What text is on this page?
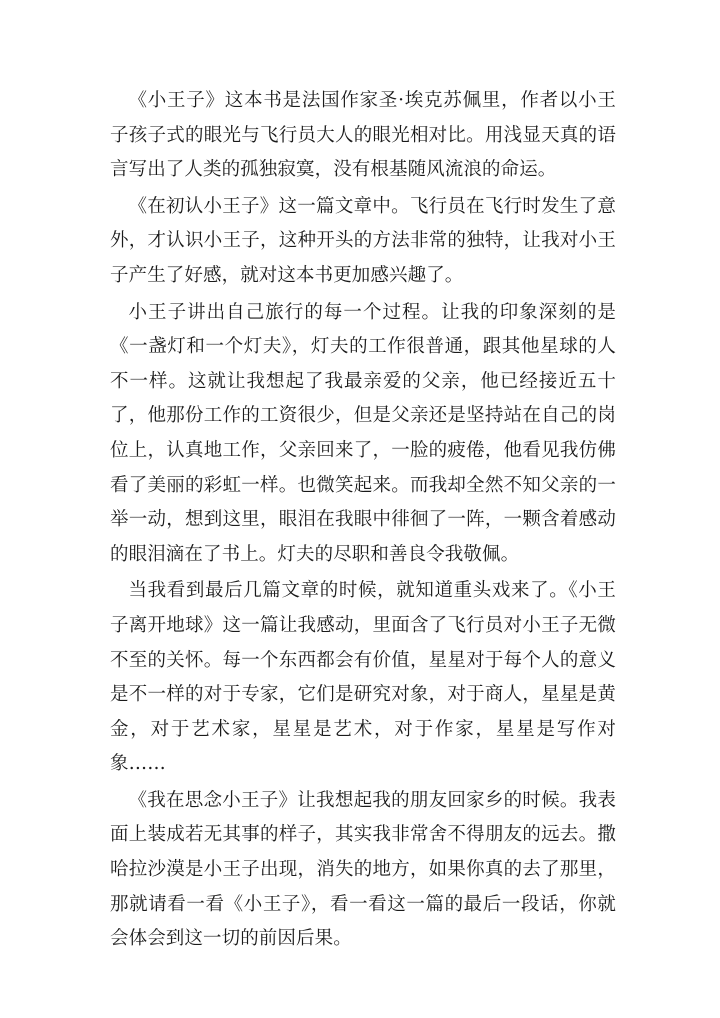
《小王子》这本书是法国作家圣·埃克苏佩里，作者以小王子孩子式的眼光与飞行员大人的眼光相对比。用浅显天真的语言写出了人类的孤独寂寞，没有根基随风流浪的命运。

《在初认小王子》这一篇文章中。飞行员在飞行时发生了意外，才认识小王子，这种开头的方法非常的独特，让我对小王子产生了好感，就对这本书更加感兴趣了。

小王子讲出自己旅行的每一个过程。让我的印象深刻的是《一盏灯和一个灯夫》，灯夫的工作很普通，跟其他星球的人不一样。这就让我想起了我最亲爱的父亲，他已经接近五十了，他那份工作的工资很少，但是父亲还是坚持站在自己的岗位上，认真地工作，父亲回来了，一脸的疲倦，他看见我仿佛看了美丽的彩虹一样。也微笑起来。而我却全然不知父亲的一举一动，想到这里，眼泪在我眼中徘徊了一阵，一颗含着感动的眼泪滴在了书上。灯夫的尽职和善良令我敬佩。

当我看到最后几篇文章的时候，就知道重头戏来了。《小王子离开地球》这一篇让我感动，里面含了飞行员对小王子无微不至的关怀。每一个东西都会有价值，星星对于每个人的意义是不一样的对于专家，它们是研究对象，对于商人，星星是黄金，对于艺术家，星星是艺术，对于作家，星星是写作对象……

《我在思念小王子》让我想起我的朋友回家乡的时候。我表面上装成若无其事的样子，其实我非常舍不得朋友的远去。撒哈拉沙漠是小王子出现，消失的地方，如果你真的去了那里，那就请看一看《小王子》，看一看这一篇的最后一段话，你就会体会到这一切的前因后果。
